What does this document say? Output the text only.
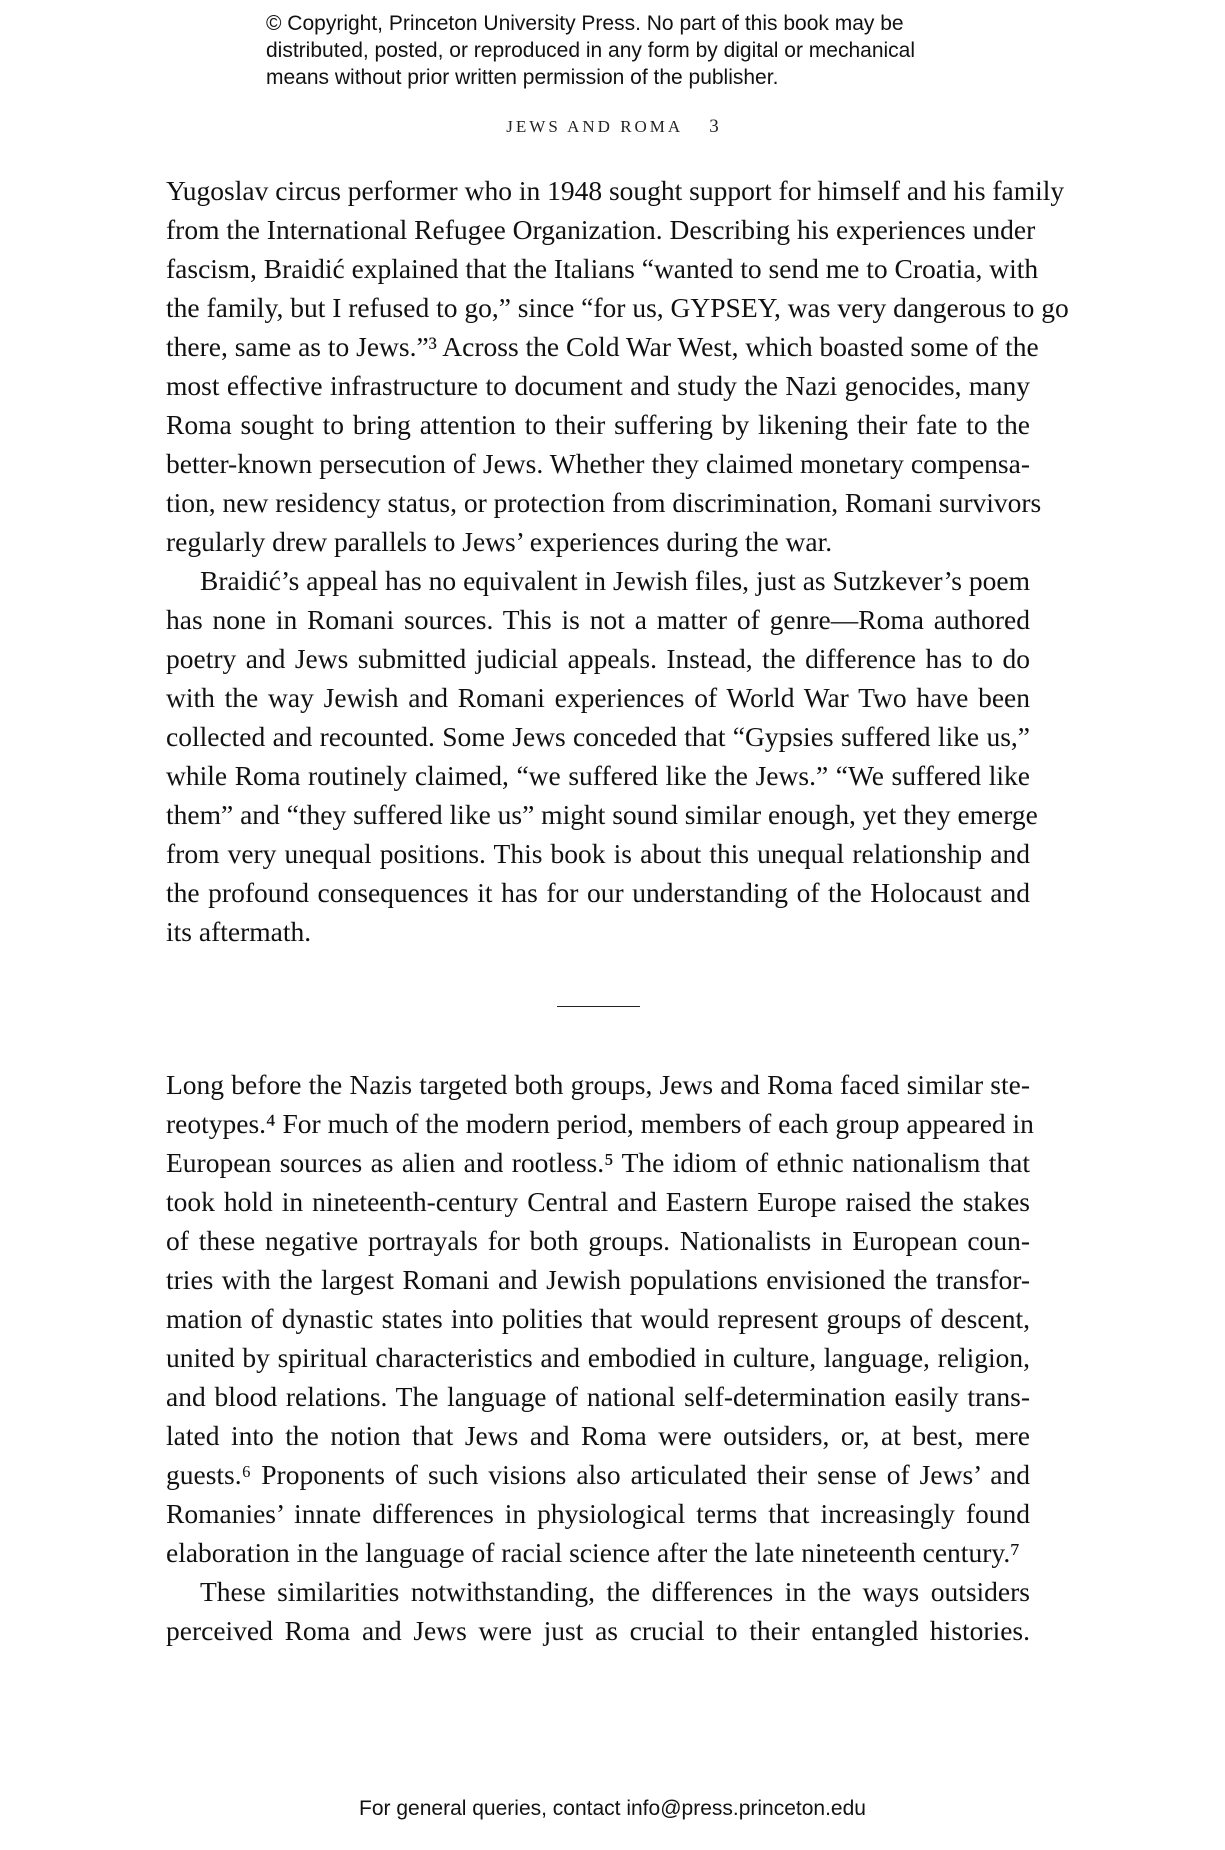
© Copyright, Princeton University Press. No part of this book may be
distributed, posted, or reproduced in any form by digital or mechanical
means without prior written permission of the publisher.
JEWS AND ROMA 3
Yugoslav circus performer who in 1948 sought support for himself and his family
from the International Refugee Organization. Describing his experiences under
fascism, Braidić explained that the Italians “wanted to send me to Croatia, with
the family, but I refused to go,” since “for us, GYPSEY, was very dangerous to go
there, same as to Jews.”³ Across the Cold War West, which boasted some of the
most effective infrastructure to document and study the Nazi genocides, many
Roma sought to bring attention to their suffering by likening their fate to the
better-known persecution of Jews. Whether they claimed monetary compensa-
tion, new residency status, or protection from discrimination, Romani survivors
regularly drew parallels to Jews’ experiences during the war.
Braidić’s appeal has no equivalent in Jewish files, just as Sutzkever’s poem
has none in Romani sources. This is not a matter of genre—Roma authored
poetry and Jews submitted judicial appeals. Instead, the difference has to do
with the way Jewish and Romani experiences of World War Two have been
collected and recounted. Some Jews conceded that “Gypsies suffered like us,”
while Roma routinely claimed, “we suffered like the Jews.” “We suffered like
them” and “they suffered like us” might sound similar enough, yet they emerge
from very unequal positions. This book is about this unequal relationship and
the profound consequences it has for our understanding of the Holocaust and
its aftermath.
Long before the Nazis targeted both groups, Jews and Roma faced similar ste-
reotypes.⁴ For much of the modern period, members of each group appeared in
European sources as alien and rootless.⁵ The idiom of ethnic nationalism that
took hold in nineteenth-century Central and Eastern Europe raised the stakes
of these negative portrayals for both groups. Nationalists in European coun-
tries with the largest Romani and Jewish populations envisioned the transfor-
mation of dynastic states into polities that would represent groups of descent,
united by spiritual characteristics and embodied in culture, language, religion,
and blood relations. The language of national self-determination easily trans-
lated into the notion that Jews and Roma were outsiders, or, at best, mere
guests.⁶ Proponents of such visions also articulated their sense of Jews’ and
Romanies’ innate differences in physiological terms that increasingly found
elaboration in the language of racial science after the late nineteenth century.⁷
These similarities notwithstanding, the differences in the ways outsiders
perceived Roma and Jews were just as crucial to their entangled histories.
For general queries, contact info@press.princeton.edu
